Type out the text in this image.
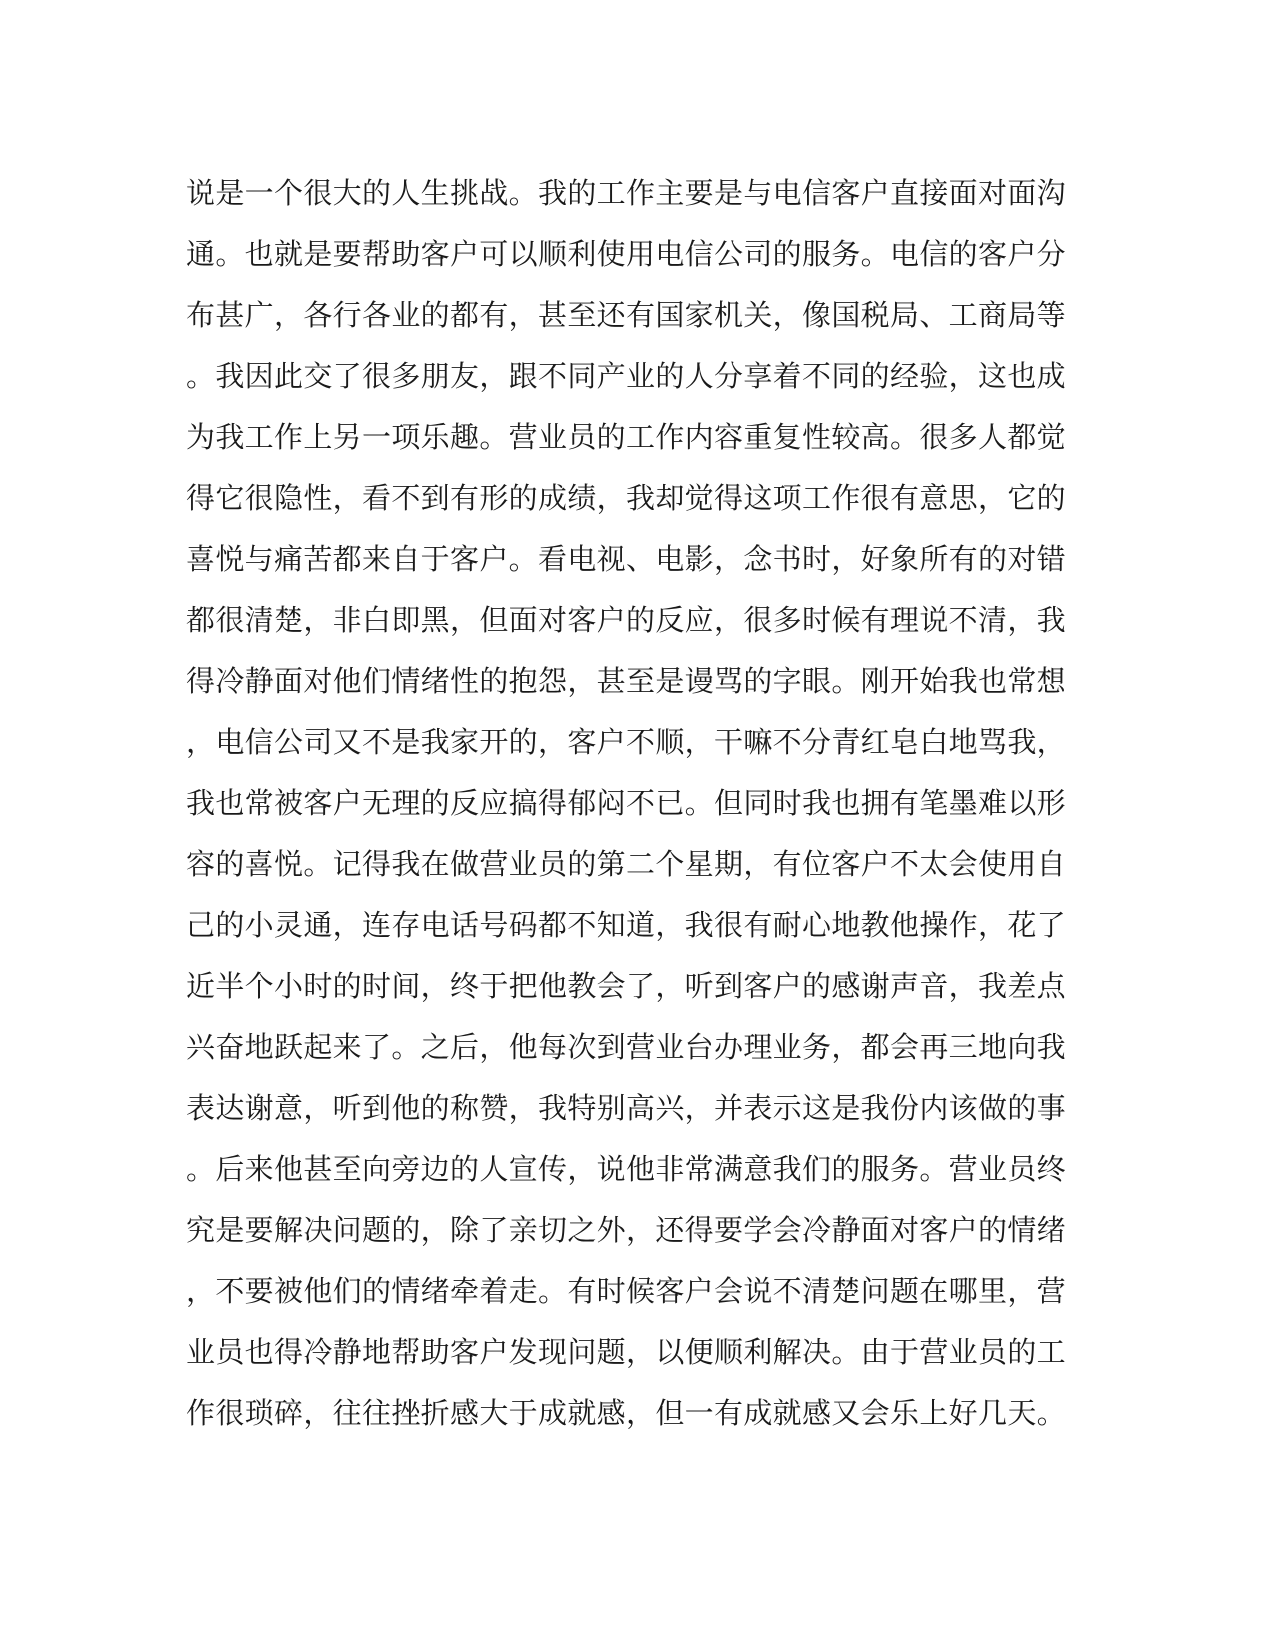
说是一个很大的人生挑战。我的工作主要是与电信客户直接面对面沟
通。也就是要帮助客户可以顺利使用电信公司的服务。电信的客户分
布甚广，各行各业的都有，甚至还有国家机关，像国税局、工商局等
。我因此交了很多朋友，跟不同产业的人分享着不同的经验，这也成
为我工作上另一项乐趣。营业员的工作内容重复性较高。很多人都觉
得它很隐性，看不到有形的成绩，我却觉得这项工作很有意思，它的
喜悦与痛苦都来自于客户。看电视、电影，念书时，好象所有的对错
都很清楚，非白即黑，但面对客户的反应，很多时候有理说不清，我
得冷静面对他们情绪性的抱怨，甚至是谩骂的字眼。刚开始我也常想
，电信公司又不是我家开的，客户不顺，干嘛不分青红皂白地骂我，
我也常被客户无理的反应搞得郁闷不已。但同时我也拥有笔墨难以形
容的喜悦。记得我在做营业员的第二个星期，有位客户不太会使用自
己的小灵通，连存电话号码都不知道，我很有耐心地教他操作，花了
近半个小时的时间，终于把他教会了，听到客户的感谢声音，我差点
兴奋地跃起来了。之后，他每次到营业台办理业务，都会再三地向我
表达谢意，听到他的称赞，我特别高兴，并表示这是我份内该做的事
。后来他甚至向旁边的人宣传，说他非常满意我们的服务。营业员终
究是要解决问题的，除了亲切之外，还得要学会冷静面对客户的情绪
，不要被他们的情绪牵着走。有时候客户会说不清楚问题在哪里，营
业员也得冷静地帮助客户发现问题，以便顺利解决。由于营业员的工
作很琐碎，往往挫折感大于成就感，但一有成就感又会乐上好几天。
